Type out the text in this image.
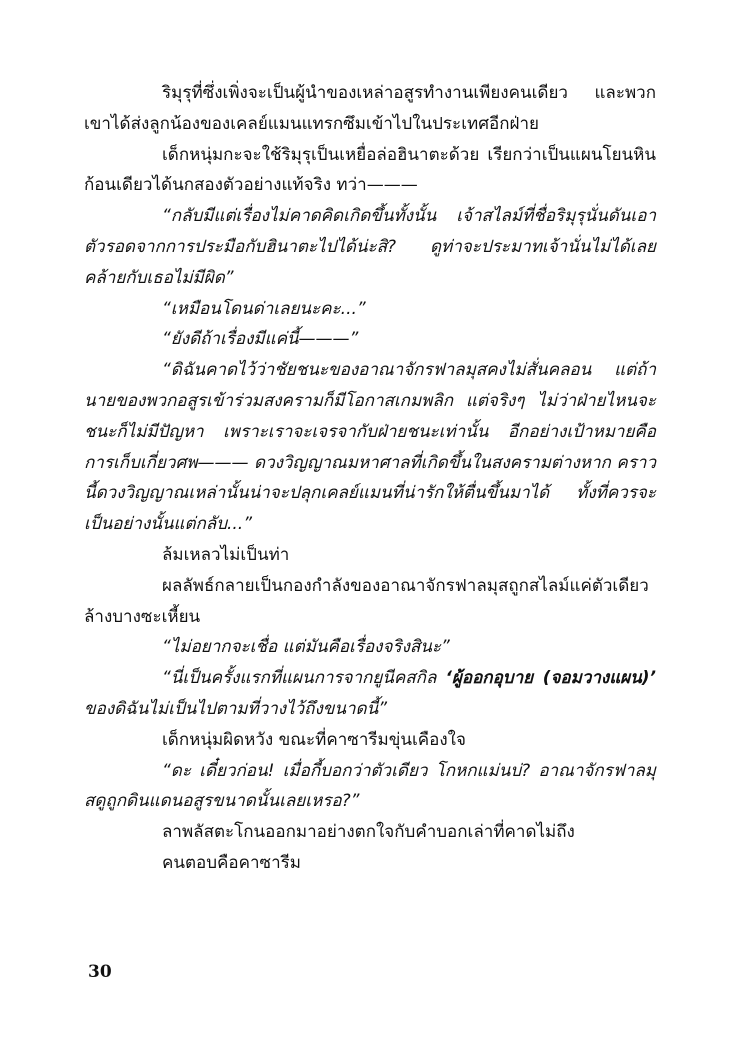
ริมุรุที่ซึ่งเพิ่งจะเป็นผู้นำของเหล่าอสูรทำงานเพียงคนเดียว และพวกเขาได้ส่งลูกน้องของเคลย์แมนแทรกซึมเข้าไปในประเทศอีกฝ่าย

เด็กหนุ่มกะจะใช้ริมุรุเป็นเหยื่อล่อฮินาตะด้วย เรียกว่าเป็นแผนโยนหินก้อนเดียวได้นกสองตัวอย่างแท้จริง ทว่า———

“กลับมีแต่เรื่องไม่คาดคิดเกิดขึ้นทั้งนั้น เจ้าสไลม์ที่ชื่อริมุรุนั่นดันเอาตัวรอดจากการประมือกับฮินาตะไปได้น่ะสิ? ดูท่าจะประมาทเจ้านั่นไม่ได้เลย คล้ายกับเธอไม่มีผิด”

“เหมือนโดนด่าเลยนะคะ...”

“ยังดีถ้าเรื่องมีแค่นี้———”

“ดิฉันคาดไว้ว่าชัยชนะของอาณาจักรฟาลมุสคงไม่สั่นคลอน แต่ถ้านายของพวกอสูรเข้าร่วมสงครามก็มีโอกาสเกมพลิก แต่จริงๆ ไม่ว่าฝ่ายไหนจะชนะก็ไม่มีปัญหา เพราะเราจะเจรจากับฝ่ายชนะเท่านั้น อีกอย่างเป้าหมายคือการเก็บเกี่ยวศพ——— ดวงวิญญาณมหาศาลที่เกิดขึ้นในสงครามต่างหาก คราวนี้ดวงวิญญาณเหล่านั้นน่าจะปลุกเคลย์แมนที่น่ารักให้ตื่นขึ้นมาได้ ทั้งที่ควรจะเป็นอย่างนั้นแต่กลับ...”

ล้มเหลวไม่เป็นท่า

ผลลัพธ์กลายเป็นกองกำลังของอาณาจักรฟาลมุสถูกสไลม์แค่ตัวเดียวล้างบางซะเหี้ยน

“ไม่อยากจะเชื่อ แต่มันคือเรื่องจริงสินะ”

“นี่เป็นครั้งแรกที่แผนการจากยูนีคสกิล ‘ผู้ออกอุบาย (จอมวางแผน)’ ของดิฉันไม่เป็นไปตามที่วางไว้ถึงขนาดนี้”

เด็กหนุ่มผิดหวัง ขณะที่คาซารีมขุ่นเคืองใจ

“ดะ เดี๋ยวก่อน! เมื่อกี้บอกว่าตัวเดียว โกหกแม่นบ่? อาณาจักรฟาลมุสดูถูกดินแดนอสูรขนาดนั้นเลยเหรอ?”

ลาพลัสตะโกนออกมาอย่างตกใจกับคำบอกเล่าที่คาดไม่ถึง

คนตอบคือคาซารีม

30
